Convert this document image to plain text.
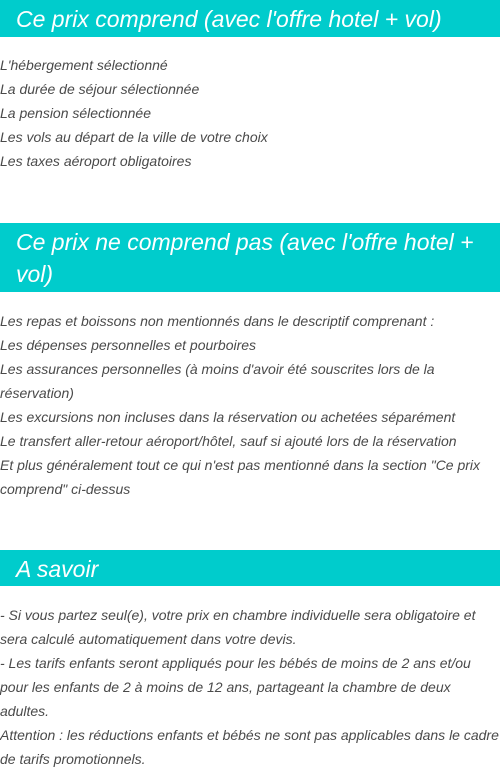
Ce prix comprend (avec l'offre hotel + vol)
L'hébergement sélectionné
La durée de séjour sélectionnée
La pension sélectionnée
Les vols au départ de la ville de votre choix
Les taxes aéroport obligatoires
Ce prix ne comprend pas (avec l'offre hotel + vol)
Les repas et boissons non mentionnés dans le descriptif comprenant :
Les dépenses personnelles et pourboires
Les assurances personnelles (à moins d'avoir été souscrites lors de la réservation)
Les excursions non incluses dans la réservation ou achetées séparément
Le transfert aller-retour aéroport/hôtel, sauf si ajouté lors de la réservation
Et plus généralement tout ce qui n'est pas mentionné dans la section "Ce prix comprend" ci-dessus
A savoir
- Si vous partez seul(e), votre prix en chambre individuelle sera obligatoire et sera calculé automatiquement dans votre devis.
- Les tarifs enfants seront appliqués pour les bébés de moins de 2 ans et/ou pour les enfants de 2 à moins de 12 ans, partageant la chambre de deux adultes.
Attention : les réductions enfants et bébés ne sont pas applicables dans le cadre de tarifs promotionnels.
